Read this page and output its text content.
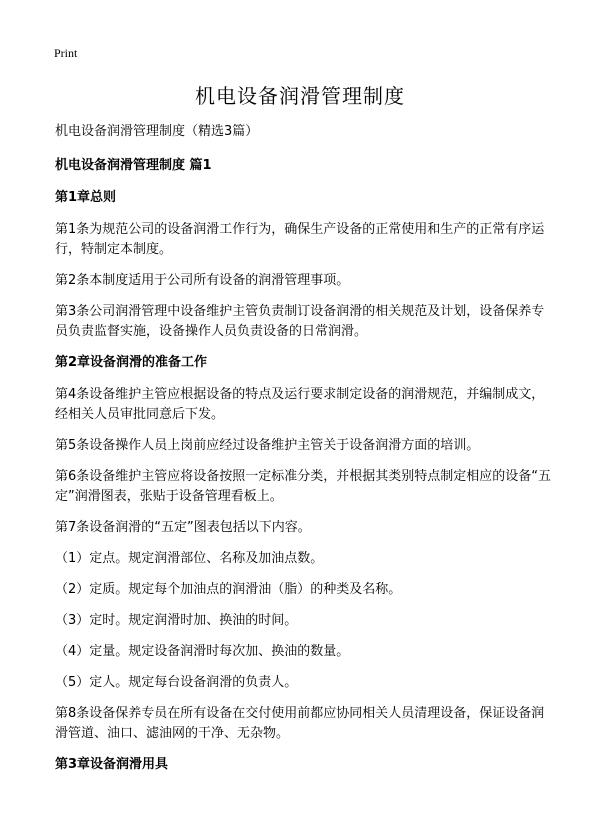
Print
机电设备润滑管理制度

机电设备润滑管理制度（精选3篇）

机电设备润滑管理制度 篇1

第1章总则

第1条为规范公司的设备润滑工作行为，确保生产设备的正常使用和生产的正常有序运行，特制定本制度。

第2条本制度适用于公司所有设备的润滑管理事项。

第3条公司润滑管理中设备维护主管负责制订设备润滑的相关规范及计划，设备保养专员负责监督实施，设备操作人员负责设备的日常润滑。

第2章设备润滑的准备工作

第4条设备维护主管应根据设备的特点及运行要求制定设备的润滑规范，并编制成文，经相关人员审批同意后下发。

第5条设备操作人员上岗前应经过设备维护主管关于设备润滑方面的培训。

第6条设备维护主管应将设备按照一定标准分类，并根据其类别特点制定相应的设备“五定”润滑图表，张贴于设备管理看板上。

第7条设备润滑的“五定”图表包括以下内容。

（1）定点。规定润滑部位、名称及加油点数。

（2）定质。规定每个加油点的润滑油（脂）的种类及名称。

（3）定时。规定润滑时加、换油的时间。

（4）定量。规定设备润滑时每次加、换油的数量。

（5）定人。规定每台设备润滑的负责人。

第8条设备保养专员在所有设备在交付使用前都应协同相关人员清理设备，保证设备润滑管道、油口、滤油网的干净、无杂物。

第3章设备润滑用具
